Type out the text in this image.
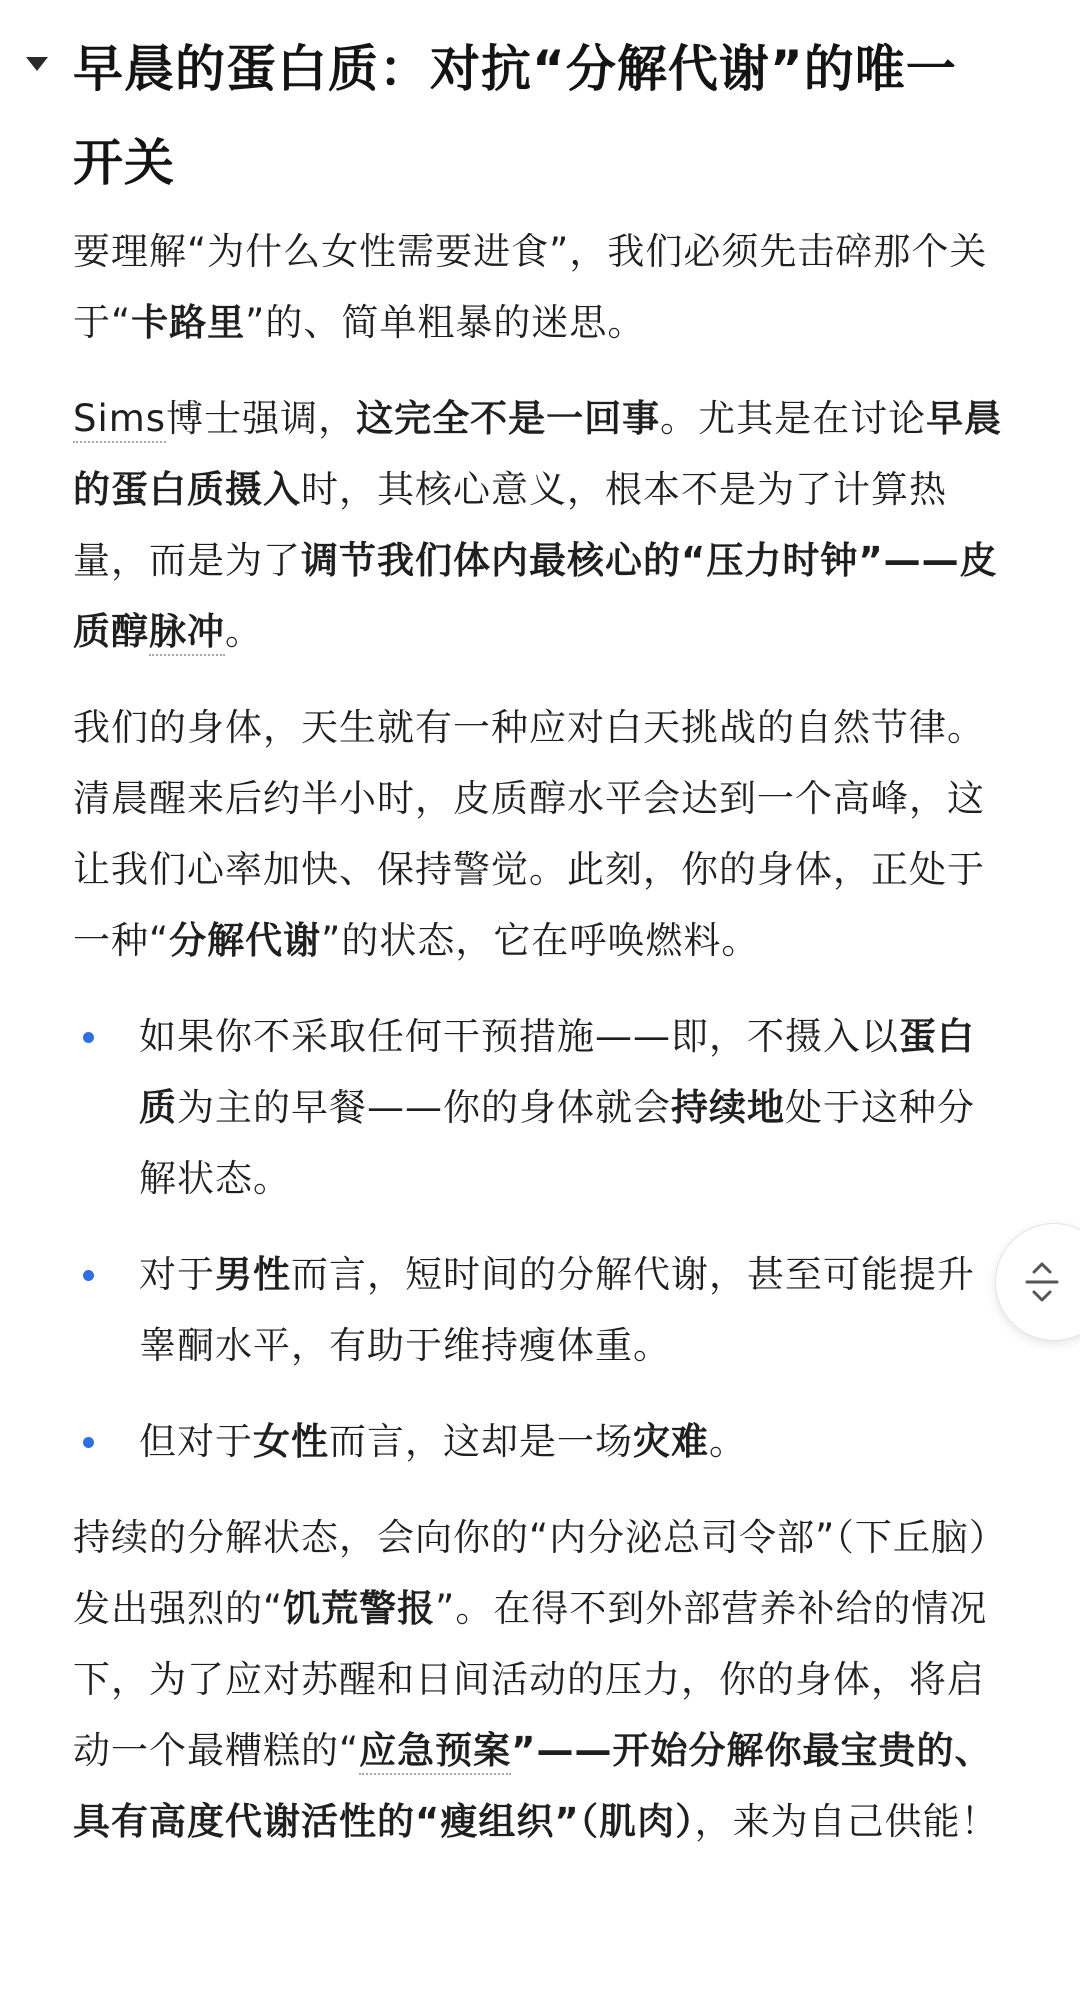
早晨的蛋白质：对抗“分解代谢”的唯一开关

要理解“为什么女性需要进食”，我们必须先击碎那个关于“卡路里”的、简单粗暴的迷思。

Sims博士强调，这完全不是一回事。尤其是在讨论早晨的蛋白质摄入时，其核心意义，根本不是为了计算热量，而是为了调节我们体内最核心的“压力时钟”——皮质醇脉冲。

我们的身体，天生就有一种应对白天挑战的自然节律。清晨醒来后约半小时，皮质醇水平会达到一个高峰，这让我们心率加快、保持警觉。此刻，你的身体，正处于一种“分解代谢”的状态，它在呼唤燃料。

如果你不采取任何干预措施——即，不摄入以蛋白质为主的早餐——你的身体就会持续地处于这种分解状态。
对于男性而言，短时间的分解代谢，甚至可能提升睾酮水平，有助于维持瘦体重。
但对于女性而言，这却是一场灾难。

持续的分解状态，会向你的“内分泌总司令部”（下丘脑）发出强烈的“饥荒警报”。在得不到外部营养补给的情况下，为了应对苏醒和日间活动的压力，你的身体，将启动一个最糟糕的“应急预案”——开始分解你最宝贵的、具有高度代谢活性的“瘦组织”（肌肉），来为自己供能！
